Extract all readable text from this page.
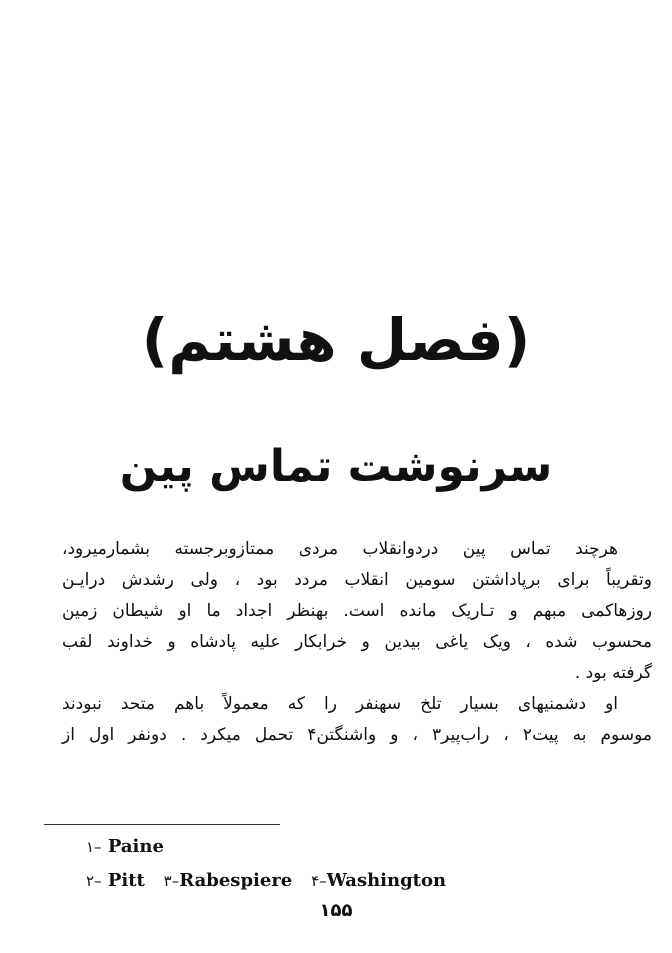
(فصل هشتم)
سرنوشت تماس پین
هرچند تماس پین دردوانقلاب مردی ممتازوبرجسته بشمارمیرود،
وتقریباً برای برپاداشتن سومین انقلاب مردد بود ، ولی رشدش درایـن
روزهاکمی مبهم و تـاریک مانده است. بهنظر اجداد ما او شیطان زمین
محسوب شده ، ویک یاغی بیدین و خرابکار علیه پادشاه و خداوند لقب
گرفته بود .
او دشمنیهای بسیار تلخ سهنفر را که معمولاً باهم متحد نبودند
موسوم به پیت۲ ، راب‌پیر۳ ، و واشنگتن۴ تحمل میکرد . دونفر اول از
۱– Paine
۲– Pitt ۳–Rabespiere ۴–Washington
۱۵۵
